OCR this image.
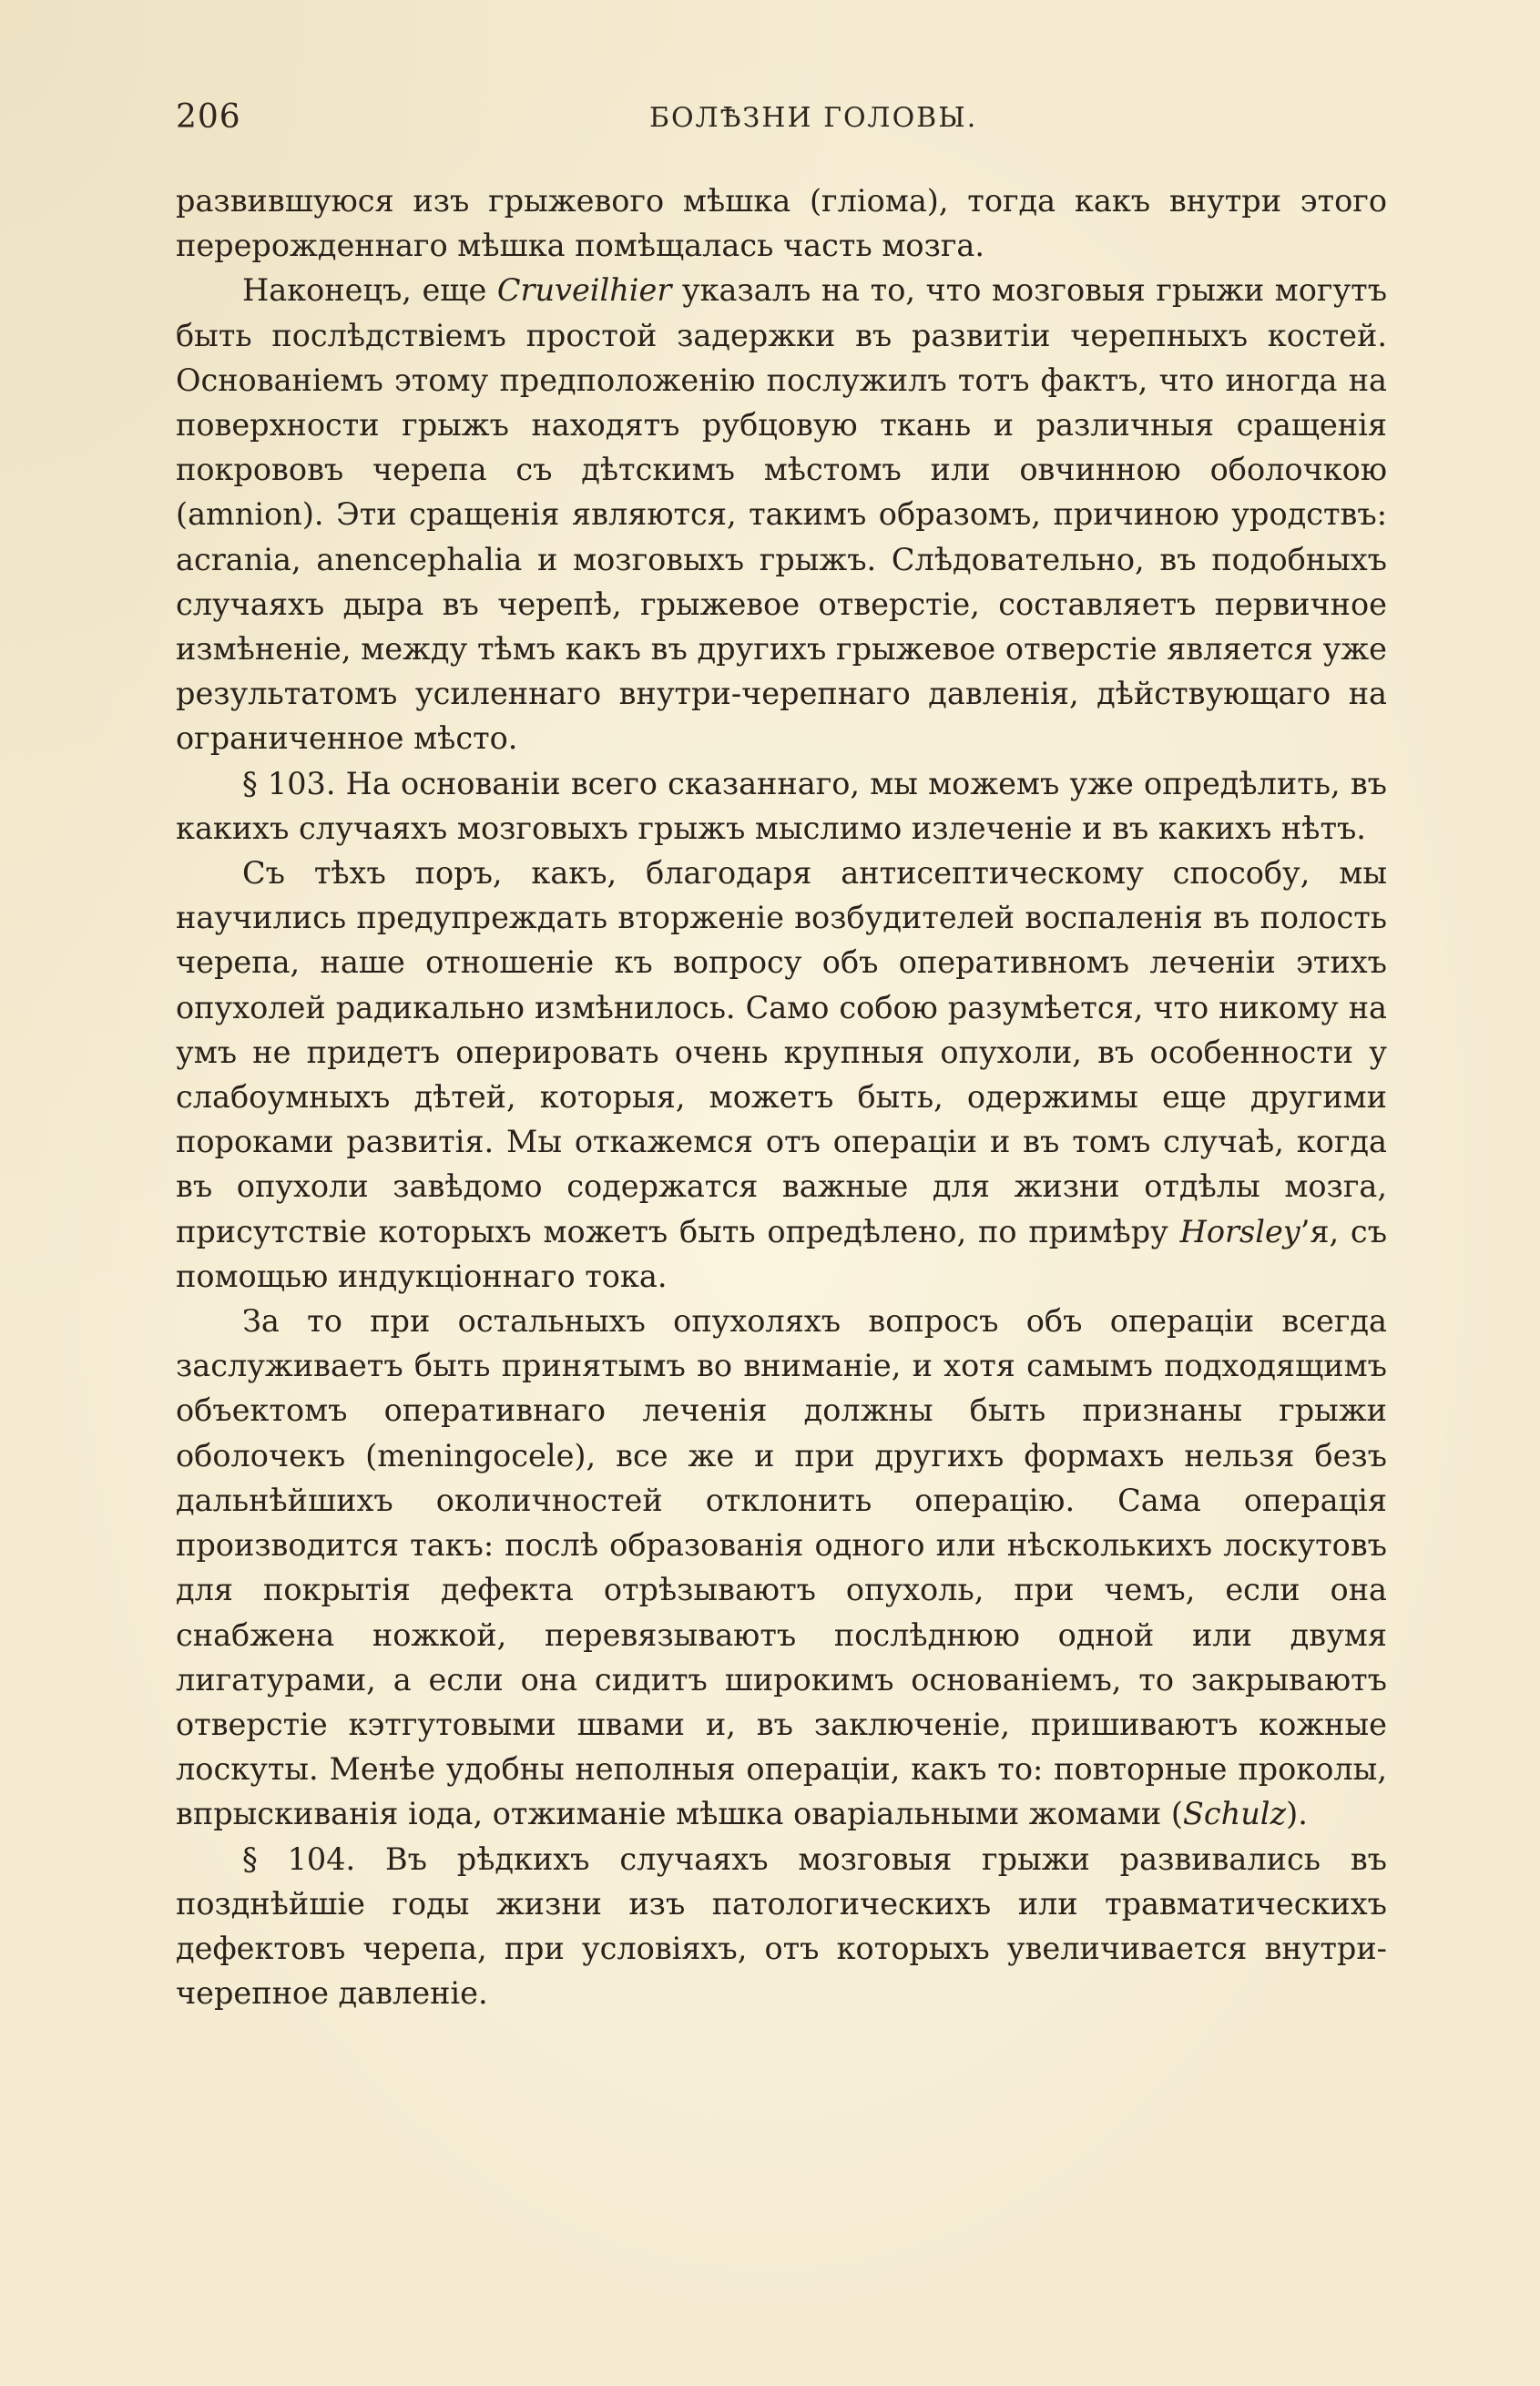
206	БОЛѢЗНИ ГОЛОВЫ.

развившуюся изъ грыжевого мѣшка (гліома), тогда какъ внутри этого перерожденнаго мѣшка помѣщалась часть мозга.

Наконецъ, еще Cruveilhier указалъ на то, что мозговыя грыжи могутъ быть послѣдствіемъ простой задержки въ развитіи черепныхъ костей. Основаніемъ этому предположенію послужилъ тотъ фактъ, что иногда на поверхности грыжъ находятъ рубцовую ткань и различныя сращенія покрововъ черепа съ дѣтскимъ мѣстомъ или овчинною оболочкою (amnion). Эти сращенія являются, такимъ образомъ, причиною уродствъ: acrania, anencephalia и мозговыхъ грыжъ. Слѣдовательно, въ подобныхъ случаяхъ дыра въ черепѣ, грыжевое отверстіе, составляетъ первичное измѣненіе, между тѣмъ какъ въ другихъ грыжевое отверстіе является уже результатомъ усиленнаго внутри-черепнаго давленія, дѣйствующаго на ограниченное мѣсто.

§ 103. На основаніи всего сказаннаго, мы можемъ уже опредѣлить, въ какихъ случаяхъ мозговыхъ грыжъ мыслимо излеченіе и въ какихъ нѣтъ.

Съ тѣхъ поръ, какъ, благодаря антисептическому способу, мы научились предупреждать вторженіе возбудителей воспаленія въ полость черепа, наше отношеніе къ вопросу объ оперативномъ леченіи этихъ опухолей радикально измѣнилось. Само собою разумѣется, что никому на умъ не придетъ оперировать очень крупныя опухоли, въ особенности у слабоумныхъ дѣтей, которыя, можетъ быть, одержимы еще другими пороками развитія. Мы откажемся отъ операціи и въ томъ случаѣ, когда въ опухоли завѣдомо содержатся важные для жизни отдѣлы мозга, присутствіе которыхъ можетъ быть опредѣлено, по примѣру Horsley’я, съ помощью индукціоннаго тока.

За то при остальныхъ опухоляхъ вопросъ объ операціи всегда заслуживаетъ быть принятымъ во вниманіе, и хотя самымъ подходящимъ объектомъ оперативнаго леченія должны быть признаны грыжи оболочекъ (meningocele), все же и при другихъ формахъ нельзя безъ дальнѣйшихъ околичностей отклонить операцію. Сама операція производится такъ: послѣ образованія одного или нѣсколькихъ лоскутовъ для покрытія дефекта отрѣзываютъ опухоль, при чемъ, если она снабжена ножкой, перевязываютъ послѣднюю одной или двумя лигатурами, а если она сидитъ широкимъ основаніемъ, то закрываютъ отверстіе кэтгутовыми швами и, въ заключеніе, пришиваютъ кожные лоскуты. Менѣе удобны неполныя операціи, какъ то: повторные проколы, впрыскиванія іода, отжиманіе мѣшка оваріальными жомами (Schulz).

§ 104. Въ рѣдкихъ случаяхъ мозговыя грыжи развивались въ позднѣйшіе годы жизни изъ патологическихъ или травматическихъ дефектовъ черепа, при условіяхъ, отъ которыхъ увеличивается внутри-черепное давленіе.
